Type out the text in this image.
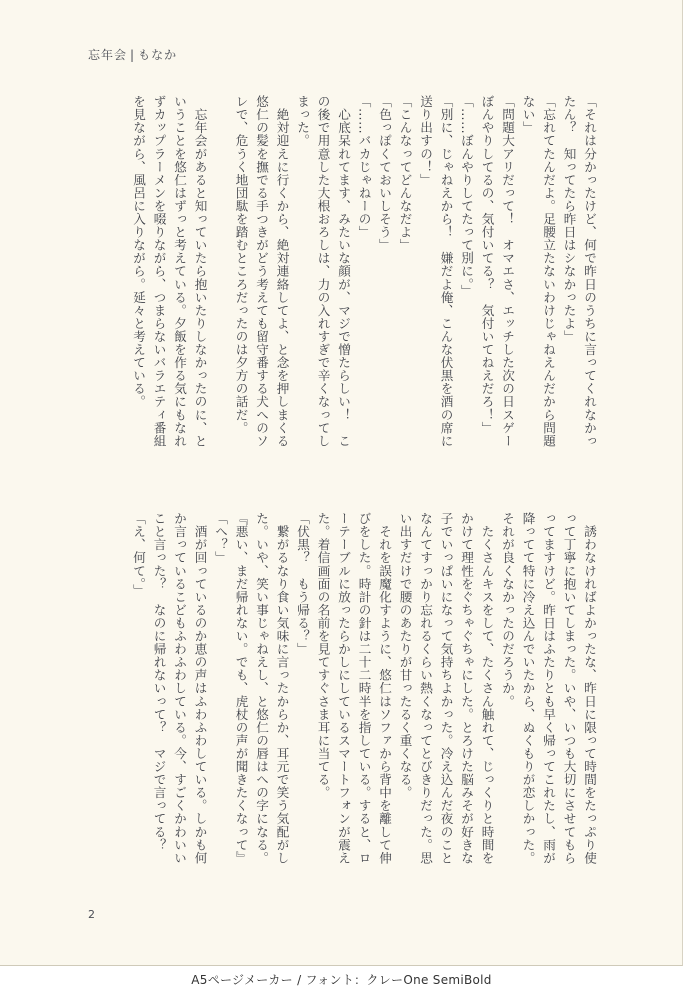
忘年会 | もなか

「それは分かったけど、何で昨日のうちに言ってくれなかっ

たん？　知ってたら昨日はシなかったよ」

「忘れてたんだよ。足腰立たないわけじゃねえんだから問題

ない」

「問題大アリだって！　オマエさ、エッチした次の日スゲー

ぼんやりしてるの、気付いてる？　気付いてねえだろ！」

「……ぼんやりしてたって別に。」

「別に、じゃねえから！　嫌だよ俺、こんな伏黒を酒の席に

送り出すの！」

「こんなってどんなだよ」

「色っぽくておいしそう」

「……バカじゃねーの」

　心底呆れてます、みたいな顔が、マジで憎たらしい！　こ

の後で用意した大根おろしは、力の入れすぎで辛くなってし

まった。

　絶対迎えに行くから、絶対連絡してよ、と念を押しまくる

悠仁の髪を撫でる手つきがどう考えても留守番する犬へのソ

レで、危うく地団駄を踏むところだったのは夕方の話だ。

　忘年会があると知っていたら抱いたりしなかったのに、と

いうことを悠仁はずっと考えている。夕飯を作る気にもなれ

ずカップラーメンを啜りながら、つまらないバラエティ番組

を見ながら、風呂に入りながら。延々と考えている。

　誘わなければよかったな、昨日に限って時間をたっぷり使

って丁寧に抱いてしまった。いや、いつも大切にさせてもら

ってますけど。昨日はふたりとも早く帰ってこれたし、雨が

降ってて特に冷え込んでいたから、ぬくもりが恋しかった。

それが良くなかったのだろうか。

　たくさんキスをして、たくさん触れて、じっくりと時間を

かけて理性をぐちゃぐちゃにした。とろけた脳みそが好きな

子でいっぱいになって気持ちよかった。冷え込んだ夜のこと

なんてすっかり忘れるくらい熱くなってとびきりだった。思

い出すだけで腰のあたりが甘ったるく重くなる。

　それを誤魔化すように、悠仁はソファから背中を離して伸

びをした。時計の針は二十二時半を指している。すると、ロ

ーテーブルに放ったらかしにしているスマートフォンが震え

た。着信画面の名前を見てすぐさま耳に当てる。

「伏黒？　もう帰る？」

　繋がるなり食い気味に言ったからか、耳元で笑う気配がし

た。いや、笑い事じゃねえし、と悠仁の唇はへの字になる。

『悪い、まだ帰れない。でも、虎杖の声が聞きたくなって』

「へ？」

　酒が回っているのか恵の声はふわふわしている。しかも何

か言っているこどもふわふわしている。今、すごくかわいい

こと言った？　なのに帰れないって？　マジで言ってる？

「え、何て。」

2
A5ページメーカー / フォント：クレーOne SemiBold
